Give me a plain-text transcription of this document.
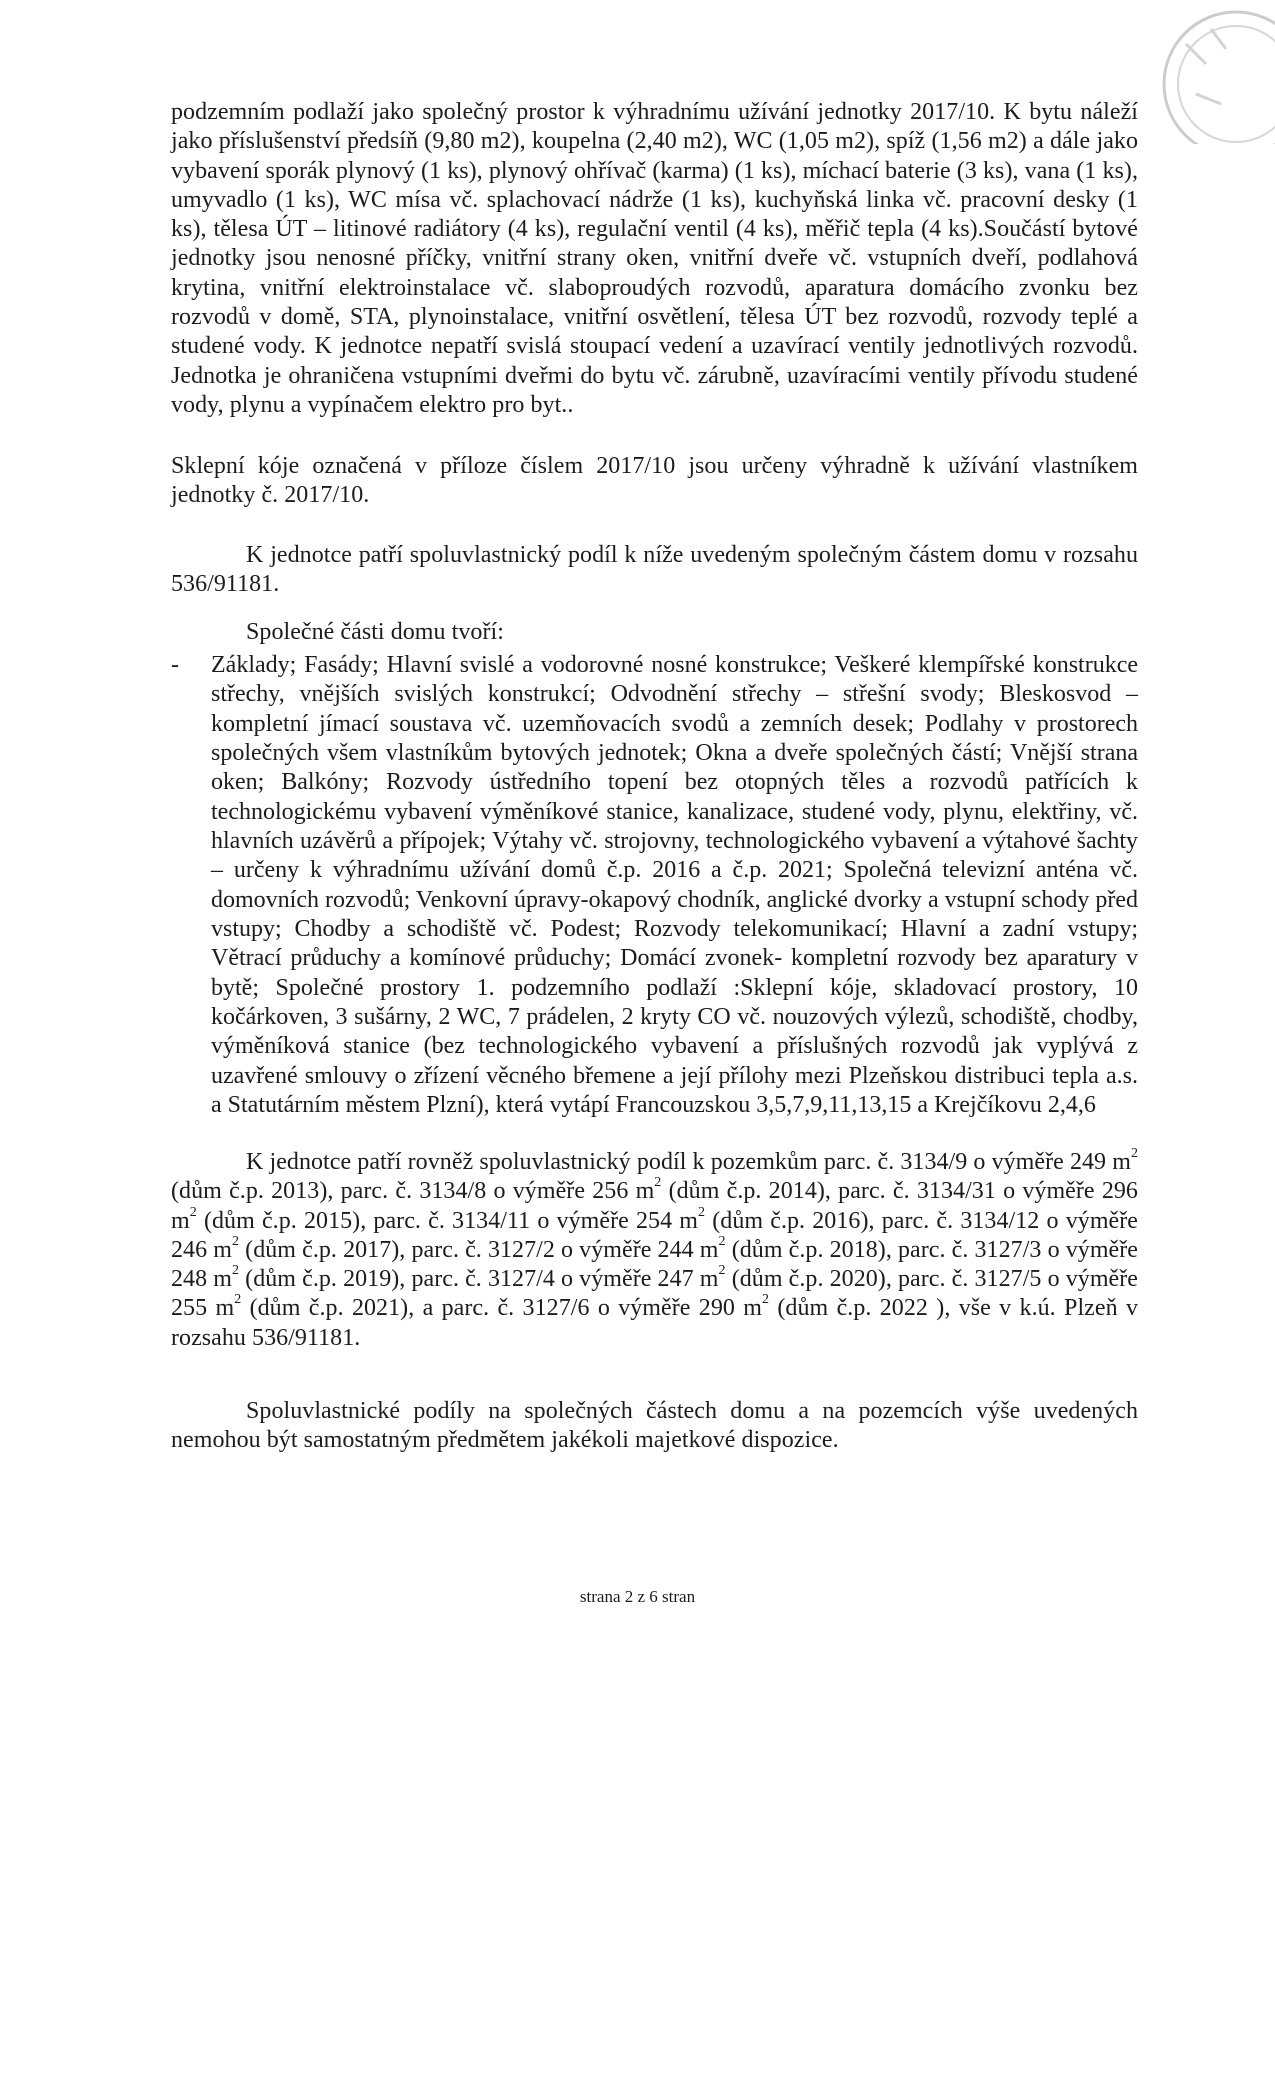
podzemním podlaží jako společný prostor k výhradnímu užívání jednotky 2017/10. K bytu náleží jako příslušenství předsíň (9,80 m2), koupelna (2,40 m2), WC (1,05 m2), spíž (1,56 m2) a dále jako vybavení sporák plynový (1 ks), plynový ohřívač (karma) (1 ks), míchací baterie (3 ks), vana (1 ks), umyvadlo (1 ks), WC mísa vč. splachovací nádrže (1 ks), kuchyňská linka vč. pracovní desky (1 ks), tělesa ÚT – litinové radiátory (4 ks), regulační ventil (4 ks), měřič tepla (4 ks).Součástí bytové jednotky jsou nenosné příčky, vnitřní strany oken, vnitřní dveře vč. vstupních dveří, podlahová krytina, vnitřní elektroinstalace vč. slaboproudých rozvodů, aparatura domácího zvonku bez rozvodů v domě, STA, plynoinstalace, vnitřní osvětlení, tělesa ÚT bez rozvodů, rozvody teplé a studené vody. K jednotce nepatří svislá stoupací vedení a uzavírací ventily jednotlivých rozvodů. Jednotka je ohraničena vstupními dveřmi do bytu vč. zárubně, uzavíracími ventily přívodu studené vody, plynu a vypínačem elektro pro byt..
Sklepní kóje označená v příloze číslem 2017/10 jsou určeny výhradně k užívání vlastníkem jednotky č. 2017/10.
K jednotce patří spoluvlastnický podíl k níže uvedeným společným částem domu v rozsahu 536/91181.
Společné části domu tvoří:
- Základy; Fasády; Hlavní svislé a vodorovné nosné konstrukce; Veškeré klempířské konstrukce střechy, vnějších svislých konstrukcí; Odvodnění střechy – střešní svody; Bleskosvod – kompletní jímací soustava vč. uzemňovacích svodů a zemních desek; Podlahy v prostorech společných všem vlastníkům bytových jednotek; Okna a dveře společných částí; Vnější strana oken; Balkóny; Rozvody ústředního topení bez otopných těles a rozvodů patřících k technologickému vybavení výměníkové stanice, kanalizace, studené vody, plynu, elektřiny, vč. hlavních uzávěrů a přípojek; Výtahy vč. strojovny, technologického vybavení a výtahové šachty – určeny k výhradnímu užívání domů č.p. 2016 a č.p. 2021; Společná televizní anténa vč. domovních rozvodů; Venkovní úpravy-okapový chodník, anglické dvorky a vstupní schody před vstupy; Chodby a schodiště vč. Podest; Rozvody telekomunikací; Hlavní a zadní vstupy; Větrací průduchy a komínové průduchy; Domácí zvonek- kompletní rozvody bez aparatury v bytě; Společné prostory 1. podzemního podlaží :Sklepní kóje, skladovací prostory, 10 kočárkoven, 3 sušárny, 2 WC, 7 prádelen, 2 kryty CO vč. nouzových výlezů, schodiště, chodby, výměníková stanice (bez technologického vybavení a příslušných rozvodů jak vyplývá z uzavřené smlouvy o zřízení věcného břemene a její přílohy mezi Plzeňskou distribuci tepla a.s. a Statutárním městem Plzní), která vytápí Francouzskou 3,5,7,9,11,13,15 a Krejčíkovu 2,4,6
K jednotce patří rovněž spoluvlastnický podíl k pozemkům parc. č. 3134/9 o výměře 249 $m^2$ (dům č.p. 2013), parc. č. 3134/8 o výměře 256 $m^2$ (dům č.p. 2014), parc. č. 3134/31 o výměře 296 $m^2$ (dům č.p. 2015), parc. č. 3134/11 o výměře 254 $m^2$ (dům č.p. 2016), parc. č. 3134/12 o výměře 246 $m^2$ (dům č.p. 2017), parc. č. 3127/2 o výměře 244 $m^2$ (dům č.p. 2018), parc. č. 3127/3 o výměře 248 $m^2$ (dům č.p. 2019), parc. č. 3127/4 o výměře 247 $m^2$ (dům č.p. 2020), parc. č. 3127/5 o výměře 255 $m^2$ (dům č.p. 2021), a parc. č. 3127/6 o výměře 290 $m^2$ (dům č.p. 2022 ), vše v k.ú. Plzeň v rozsahu 536/91181.
Spoluvlastnické podíly na společných částech domu a na pozemcích výše uvedených nemohou být samostatným předmětem jakékoli majetkové dispozice.
strana 2 z 6 stran
